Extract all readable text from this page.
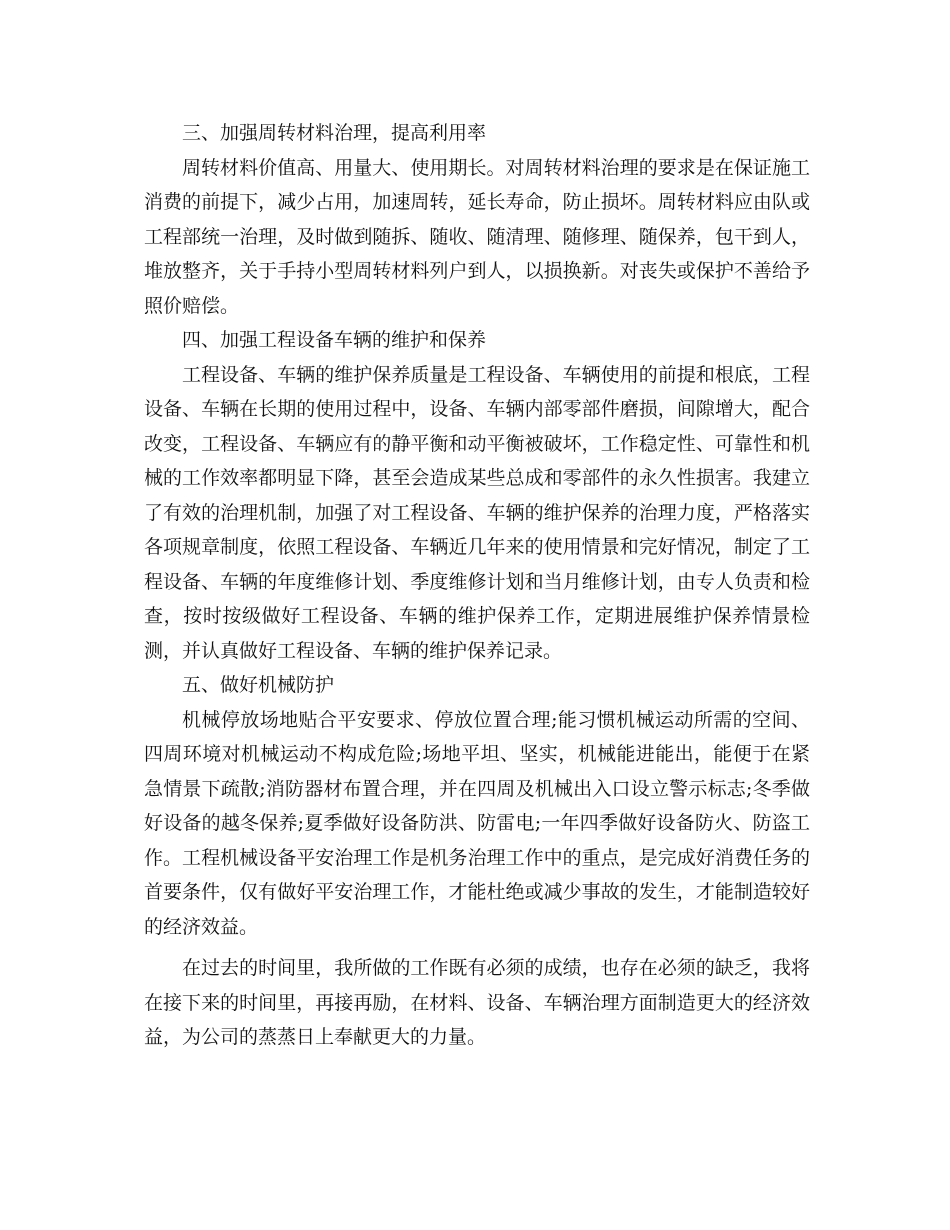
三、加强周转材料治理，提高利用率

周转材料价值高、用量大、使用期长。对周转材料治理的要求是在保证施工消费的前提下，减少占用，加速周转，延长寿命，防止损坏。周转材料应由队或工程部统一治理，及时做到随拆、随收、随清理、随修理、随保养，包干到人，堆放整齐，关于手持小型周转材料列户到人，以损换新。对丧失或保护不善给予照价赔偿。

四、加强工程设备车辆的维护和保养

工程设备、车辆的维护保养质量是工程设备、车辆使用的前提和根底，工程设备、车辆在长期的使用过程中，设备、车辆内部零部件磨损，间隙增大，配合改变，工程设备、车辆应有的静平衡和动平衡被破坏，工作稳定性、可靠性和机械的工作效率都明显下降，甚至会造成某些总成和零部件的永久性损害。我建立了有效的治理机制，加强了对工程设备、车辆的维护保养的治理力度，严格落实各项规章制度，依照工程设备、车辆近几年来的使用情景和完好情况，制定了工程设备、车辆的年度维修计划、季度维修计划和当月维修计划，由专人负责和检查，按时按级做好工程设备、车辆的维护保养工作，定期进展维护保养情景检测，并认真做好工程设备、车辆的维护保养记录。

五、做好机械防护

机械停放场地贴合平安要求、停放位置合理;能习惯机械运动所需的空间、四周环境对机械运动不构成危险;场地平坦、坚实，机械能进能出，能便于在紧急情景下疏散;消防器材布置合理，并在四周及机械出入口设立警示标志;冬季做好设备的越冬保养;夏季做好设备防洪、防雷电;一年四季做好设备防火、防盗工作。工程机械设备平安治理工作是机务治理工作中的重点，是完成好消费任务的首要条件，仅有做好平安治理工作，才能杜绝或减少事故的发生，才能制造较好的经济效益。

在过去的时间里，我所做的工作既有必须的成绩，也存在必须的缺乏，我将在接下来的时间里，再接再励，在材料、设备、车辆治理方面制造更大的经济效益，为公司的蒸蒸日上奉献更大的力量。
